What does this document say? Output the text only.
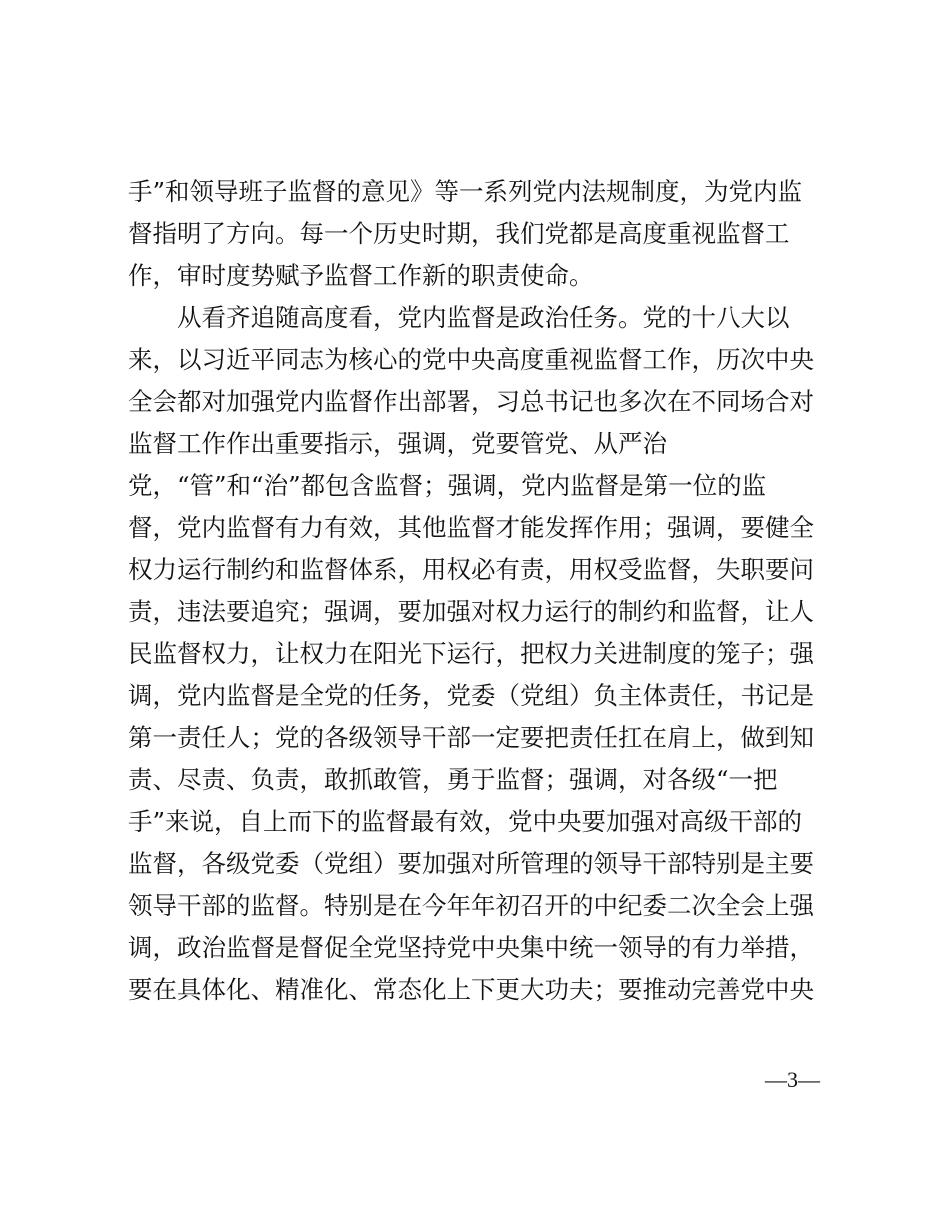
手”和领导班子监督的意见》等一系列党内法规制度，为党内监
督指明了方向。每一个历史时期，我们党都是高度重视监督工
作，审时度势赋予监督工作新的职责使命。
　　从看齐追随高度看，党内监督是政治任务。党的十八大以
来，以习近平同志为核心的党中央高度重视监督工作，历次中央
全会都对加强党内监督作出部署，习总书记也多次在不同场合对
监督工作作出重要指示，强调，党要管党、从严治
党，“管”和“治”都包含监督；强调，党内监督是第一位的监
督，党内监督有力有效，其他监督才能发挥作用；强调，要健全
权力运行制约和监督体系，用权必有责，用权受监督，失职要问
责，违法要追究；强调，要加强对权力运行的制约和监督，让人
民监督权力，让权力在阳光下运行，把权力关进制度的笼子；强
调，党内监督是全党的任务，党委（党组）负主体责任，书记是
第一责任人；党的各级领导干部一定要把责任扛在肩上，做到知
责、尽责、负责，敢抓敢管，勇于监督；强调，对各级“一把
手”来说，自上而下的监督最有效，党中央要加强对高级干部的
监督，各级党委（党组）要加强对所管理的领导干部特别是主要
领导干部的监督。特别是在今年年初召开的中纪委二次全会上强
调，政治监督是督促全党坚持党中央集中统一领导的有力举措，
要在具体化、精准化、常态化上下更大功夫；要推动完善党中央
—3—
